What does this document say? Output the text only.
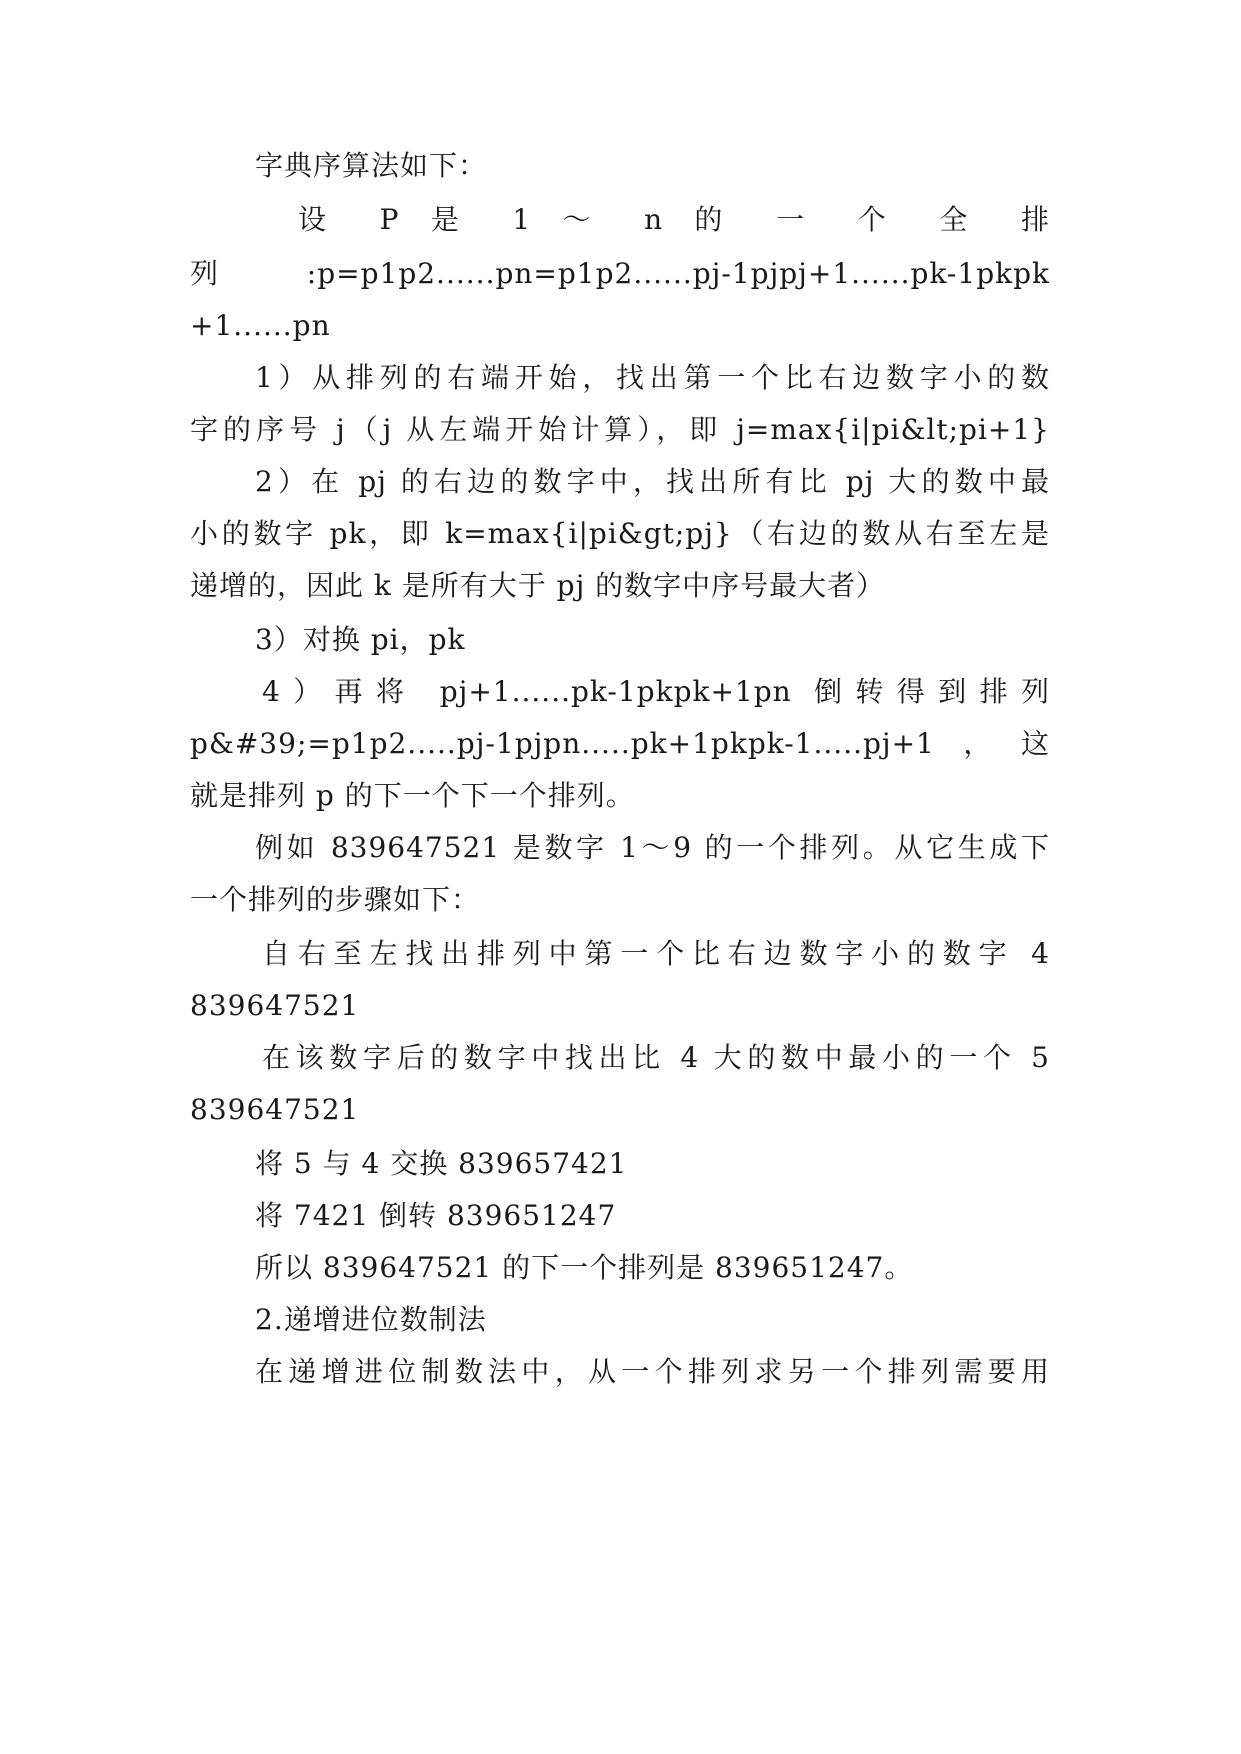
字典序算法如下：
设 P 是 1 ～ n 的 一 个 全 排
列:p=p1p2......pn=p1p2......pj-1pjpj+1......pk-1pkpk
+1......pn
1）从排列的右端开始，找出第一个比右边数字小的数
字的序号 j（j 从左端开始计算），即 j=max{i|pi&lt;pi+1}
2）在 pj 的右边的数字中，找出所有比 pj 大的数中最
小的数字 pk，即 k=max{i|pi&gt;pj}（右边的数从右至左是
递增的，因此 k 是所有大于 pj 的数字中序号最大者）
3）对换 pi，pk
4）再将 pj+1......pk-1pkpk+1pn 倒转得到排列
p&#39;=p1p2.....pj-1pjpn.....pk+1pkpk-1.....pj+1，这
就是排列 p 的下一个下一个排列。
例如 839647521 是数字 1～9 的一个排列。从它生成下
一个排列的步骤如下：
自右至左找出排列中第一个比右边数字小的数字 4
839647521
在该数字后的数字中找出比 4 大的数中最小的一个 5
839647521
将 5 与 4 交换 839657421
将 7421 倒转 839651247
所以 839647521 的下一个排列是 839651247。
2.递增进位数制法
在递增进位制数法中，从一个排列求另一个排列需要用
